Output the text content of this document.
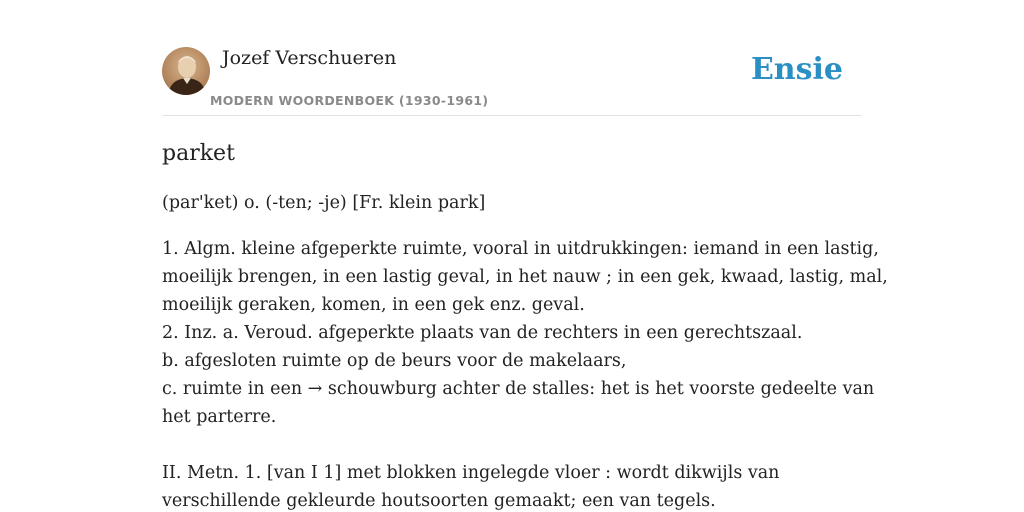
Jozef Verschueren
MODERN WOORDENBOEK (1930-1961)
Ensie
parket

(par'ket) o. (-ten; -je) [Fr. klein park]

1. Algm. kleine afgeperkte ruimte, vooral in uitdrukkingen: iemand in een lastig,
moeilijk brengen, in een lastig geval, in het nauw ; in een gek, kwaad, lastig, mal,
moeilijk geraken, komen, in een gek enz. geval.
2. Inz. a. Veroud. afgeperkte plaats van de rechters in een gerechtszaal.
b. afgesloten ruimte op de beurs voor de makelaars,
c. ruimte in een → schouwburg achter de stalles: het is het voorste gedeelte van
het parterre.
II. Metn. 1. [van I 1] met blokken ingelegde vloer : wordt dikwijls van
verschillende gekleurde houtsoorten gemaakt; een van tegels.
